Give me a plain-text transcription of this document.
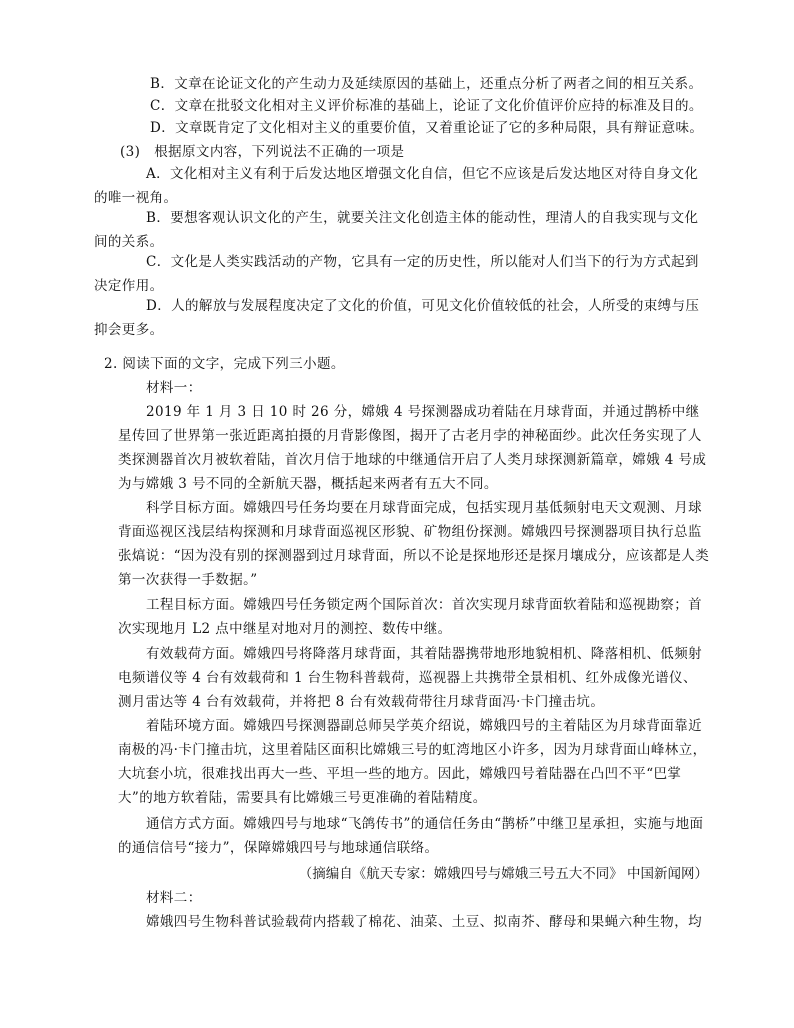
B．文章在论证文化的产生动力及延续原因的基础上，还重点分析了两者之间的相互关系。
C．文章在批驳文化相对主义评价标准的基础上，论证了文化价值评价应持的标准及目的。
D．文章既肯定了文化相对主义的重要价值，又着重论证了它的多种局限，具有辩证意味。
(3)　根据原文内容，下列说法不正确的一项是
A．文化相对主义有利于后发达地区增强文化自信，但它不应该是后发达地区对待自身文化的唯一视角。
B．要想客观认识文化的产生，就要关注文化创造主体的能动性，理清人的自我实现与文化间的关系。
C．文化是人类实践活动的产物，它具有一定的历史性，所以能对人们当下的行为方式起到决定作用。
D．人的解放与发展程度决定了文化的价值，可见文化价值较低的社会，人所受的束缚与压抑会更多。
2. 阅读下面的文字，完成下列三小题。
材料一：
2019 年 1 月 3 日 10 时 26 分，嫦娥 4 号探测器成功着陆在月球背面，并通过鹊桥中继星传回了世界第一张近距离拍摄的月背影像图，揭开了古老月孛的神秘面纱。此次任务实现了人类探测器首次月被软着陆，首次月信于地球的中继通信开启了人类月球探测新篇章，嫦娥 4 号成为与嫦娥 3 号不同的全新航天器，概括起来两者有五大不同。
科学目标方面。嫦娥四号任务均要在月球背面完成，包括实现月基低频射电天文观测、月球背面巡视区浅层结构探测和月球背面巡视区形貌、矿物组份探测。嫦娥四号探测器项目执行总监张熇说：“因为没有别的探测器到过月球背面，所以不论是探地形还是探月壤成分，应该都是人类第一次获得一手数据。”
工程目标方面。嫦娥四号任务锁定两个国际首次：首次实现月球背面软着陆和巡视勘察；首次实现地月 L2 点中继星对地对月的测控、数传中继。
有效载荷方面。嫦娥四号将降落月球背面，其着陆器携带地形地貌相机、降落相机、低频射电频谱仪等 4 台有效载荷和 1 台生物科普载荷，巡视器上共携带全景相机、红外成像光谱仪、测月雷达等 4 台有效载荷，并将把 8 台有效载荷带往月球背面冯·卡门撞击坑。
着陆环境方面。嫦娥四号探测器副总师吴学英介绍说，嫦娥四号的主着陆区为月球背面靠近南极的冯·卡门撞击坑，这里着陆区面积比嫦娥三号的虹湾地区小许多，因为月球背面山峰林立，大坑套小坑，很难找出再大一些、平坦一些的地方。因此，嫦娥四号着陆器在凸凹不平“巴掌大”的地方软着陆，需要具有比嫦娥三号更准确的着陆精度。
通信方式方面。嫦娥四号与地球“飞鸽传书”的通信任务由“鹊桥”中继卫星承担，实施与地面的通信信号“接力”，保障嫦娥四号与地球通信联络。
（摘编自《航天专家：嫦娥四号与嫦娥三号五大不同》 中国新闻网）
材料二：
嫦娥四号生物科普试验载荷内搭载了棉花、油菜、土豆、拟南芥、酵母和果蝇六种生物，均
